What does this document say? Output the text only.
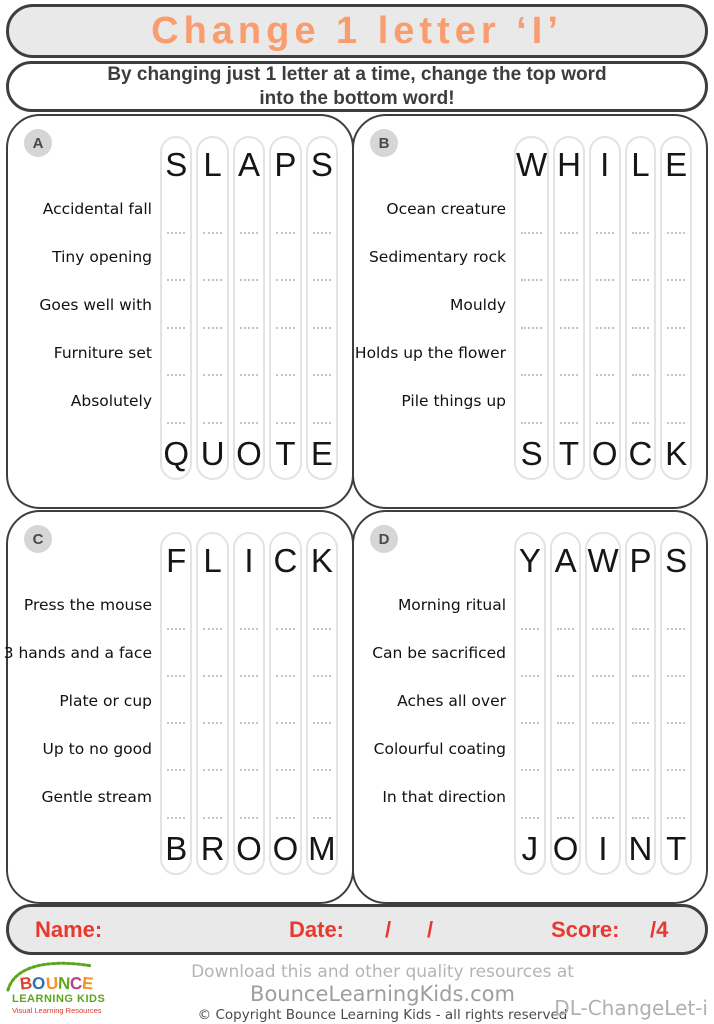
Change 1 letter ‘I’
By changing just 1 letter at a time, change the top word into the bottom word!
A
Accidental fall
Tiny opening
Goes well with
Furniture set
Absolutely
S
Q
L
U
A
O
P
T
S
E
B
Ocean creature
Sedimentary rock
Mouldy
Holds up the flower
Pile things up
W
S
H
T
I
O
L
C
E
K
C
Press the mouse
3 hands and a face
Plate or cup
Up to no good
Gentle stream
F
B
L
R
I
O
C
O
K
M
D
Morning ritual
Can be sacrificed
Aches all over
Colourful coating
In that direction
Y
J
A
O
W
I
P
N
S
T
Name:	Date: / /	Score: /4
BOUNCE
LEARNING KIDS
Visual Learning Resources
Download this and other quality resources at
BounceLearningKids.com
© Copyright Bounce Learning Kids - all rights reserved
DL-ChangeLet-i
